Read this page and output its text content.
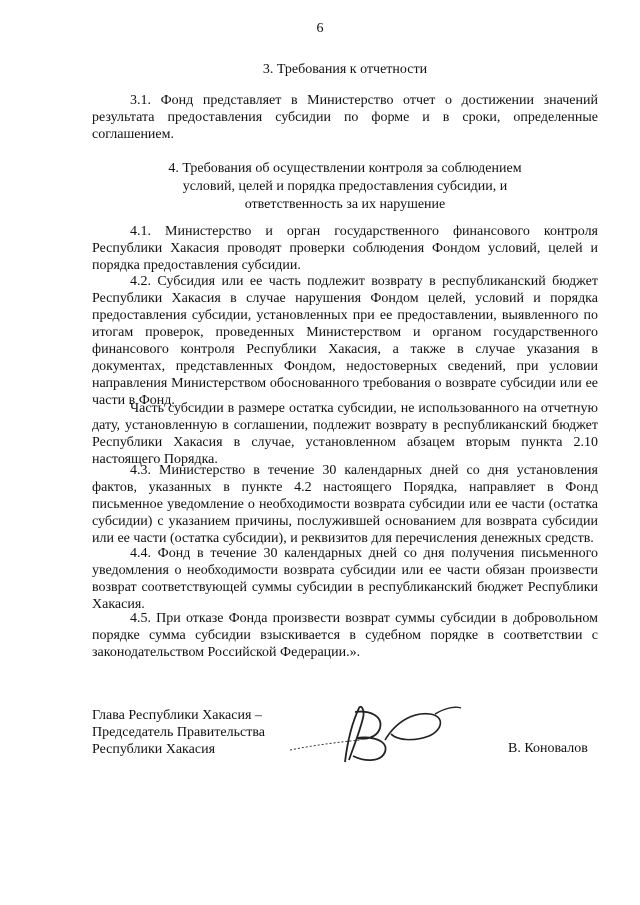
6
3. Требования к отчетности
3.1. Фонд представляет в Министерство отчет о достижении значений результата предоставления субсидии по форме и в сроки, определенные соглашением.
4. Требования об осуществлении контроля за соблюдением
условий, целей и порядка предоставления субсидии, и
ответственность за их нарушение
4.1. Министерство и орган государственного финансового контроля Республики Хакасия проводят проверки соблюдения Фондом условий, целей и порядка предоставления субсидии.
4.2. Субсидия или ее часть подлежит возврату в республиканский бюджет Республики Хакасия в случае нарушения Фондом целей, условий и порядка предоставления субсидии, установленных при ее предоставлении, выявленного по итогам проверок, проведенных Министерством и органом государственного финансового контроля Республики Хакасия, а также в случае указания в документах, представленных Фондом, недостоверных сведений, при условии направления Министерством обоснованного требования о возврате субсидии или ее части в Фонд.
Часть субсидии в размере остатка субсидии, не использованного на отчетную дату, установленную в соглашении, подлежит возврату в республиканский бюджет Республики Хакасия в случае, установленном абзацем вторым пункта 2.10 настоящего Порядка.
4.3. Министерство в течение 30 календарных дней со дня установления фактов, указанных в пункте 4.2 настоящего Порядка, направляет в Фонд письменное уведомление о необходимости возврата субсидии или ее части (остатка субсидии) с указанием причины, послужившей основанием для возврата субсидии или ее части (остатка субсидии), и реквизитов для перечисления денежных средств.
4.4. Фонд в течение 30 календарных дней со дня получения письменного уведомления о необходимости возврата субсидии или ее части обязан произвести возврат соответствующей суммы субсидии в республиканский бюджет Республики Хакасия.
4.5. При отказе Фонда произвести возврат суммы субсидии в добровольном порядке сумма субсидии взыскивается в судебном порядке в соответствии с законодательством Российской Федерации.».
Глава Республики Хакасия –
Председатель Правительства
Республики Хакасия	В. Коновалов
